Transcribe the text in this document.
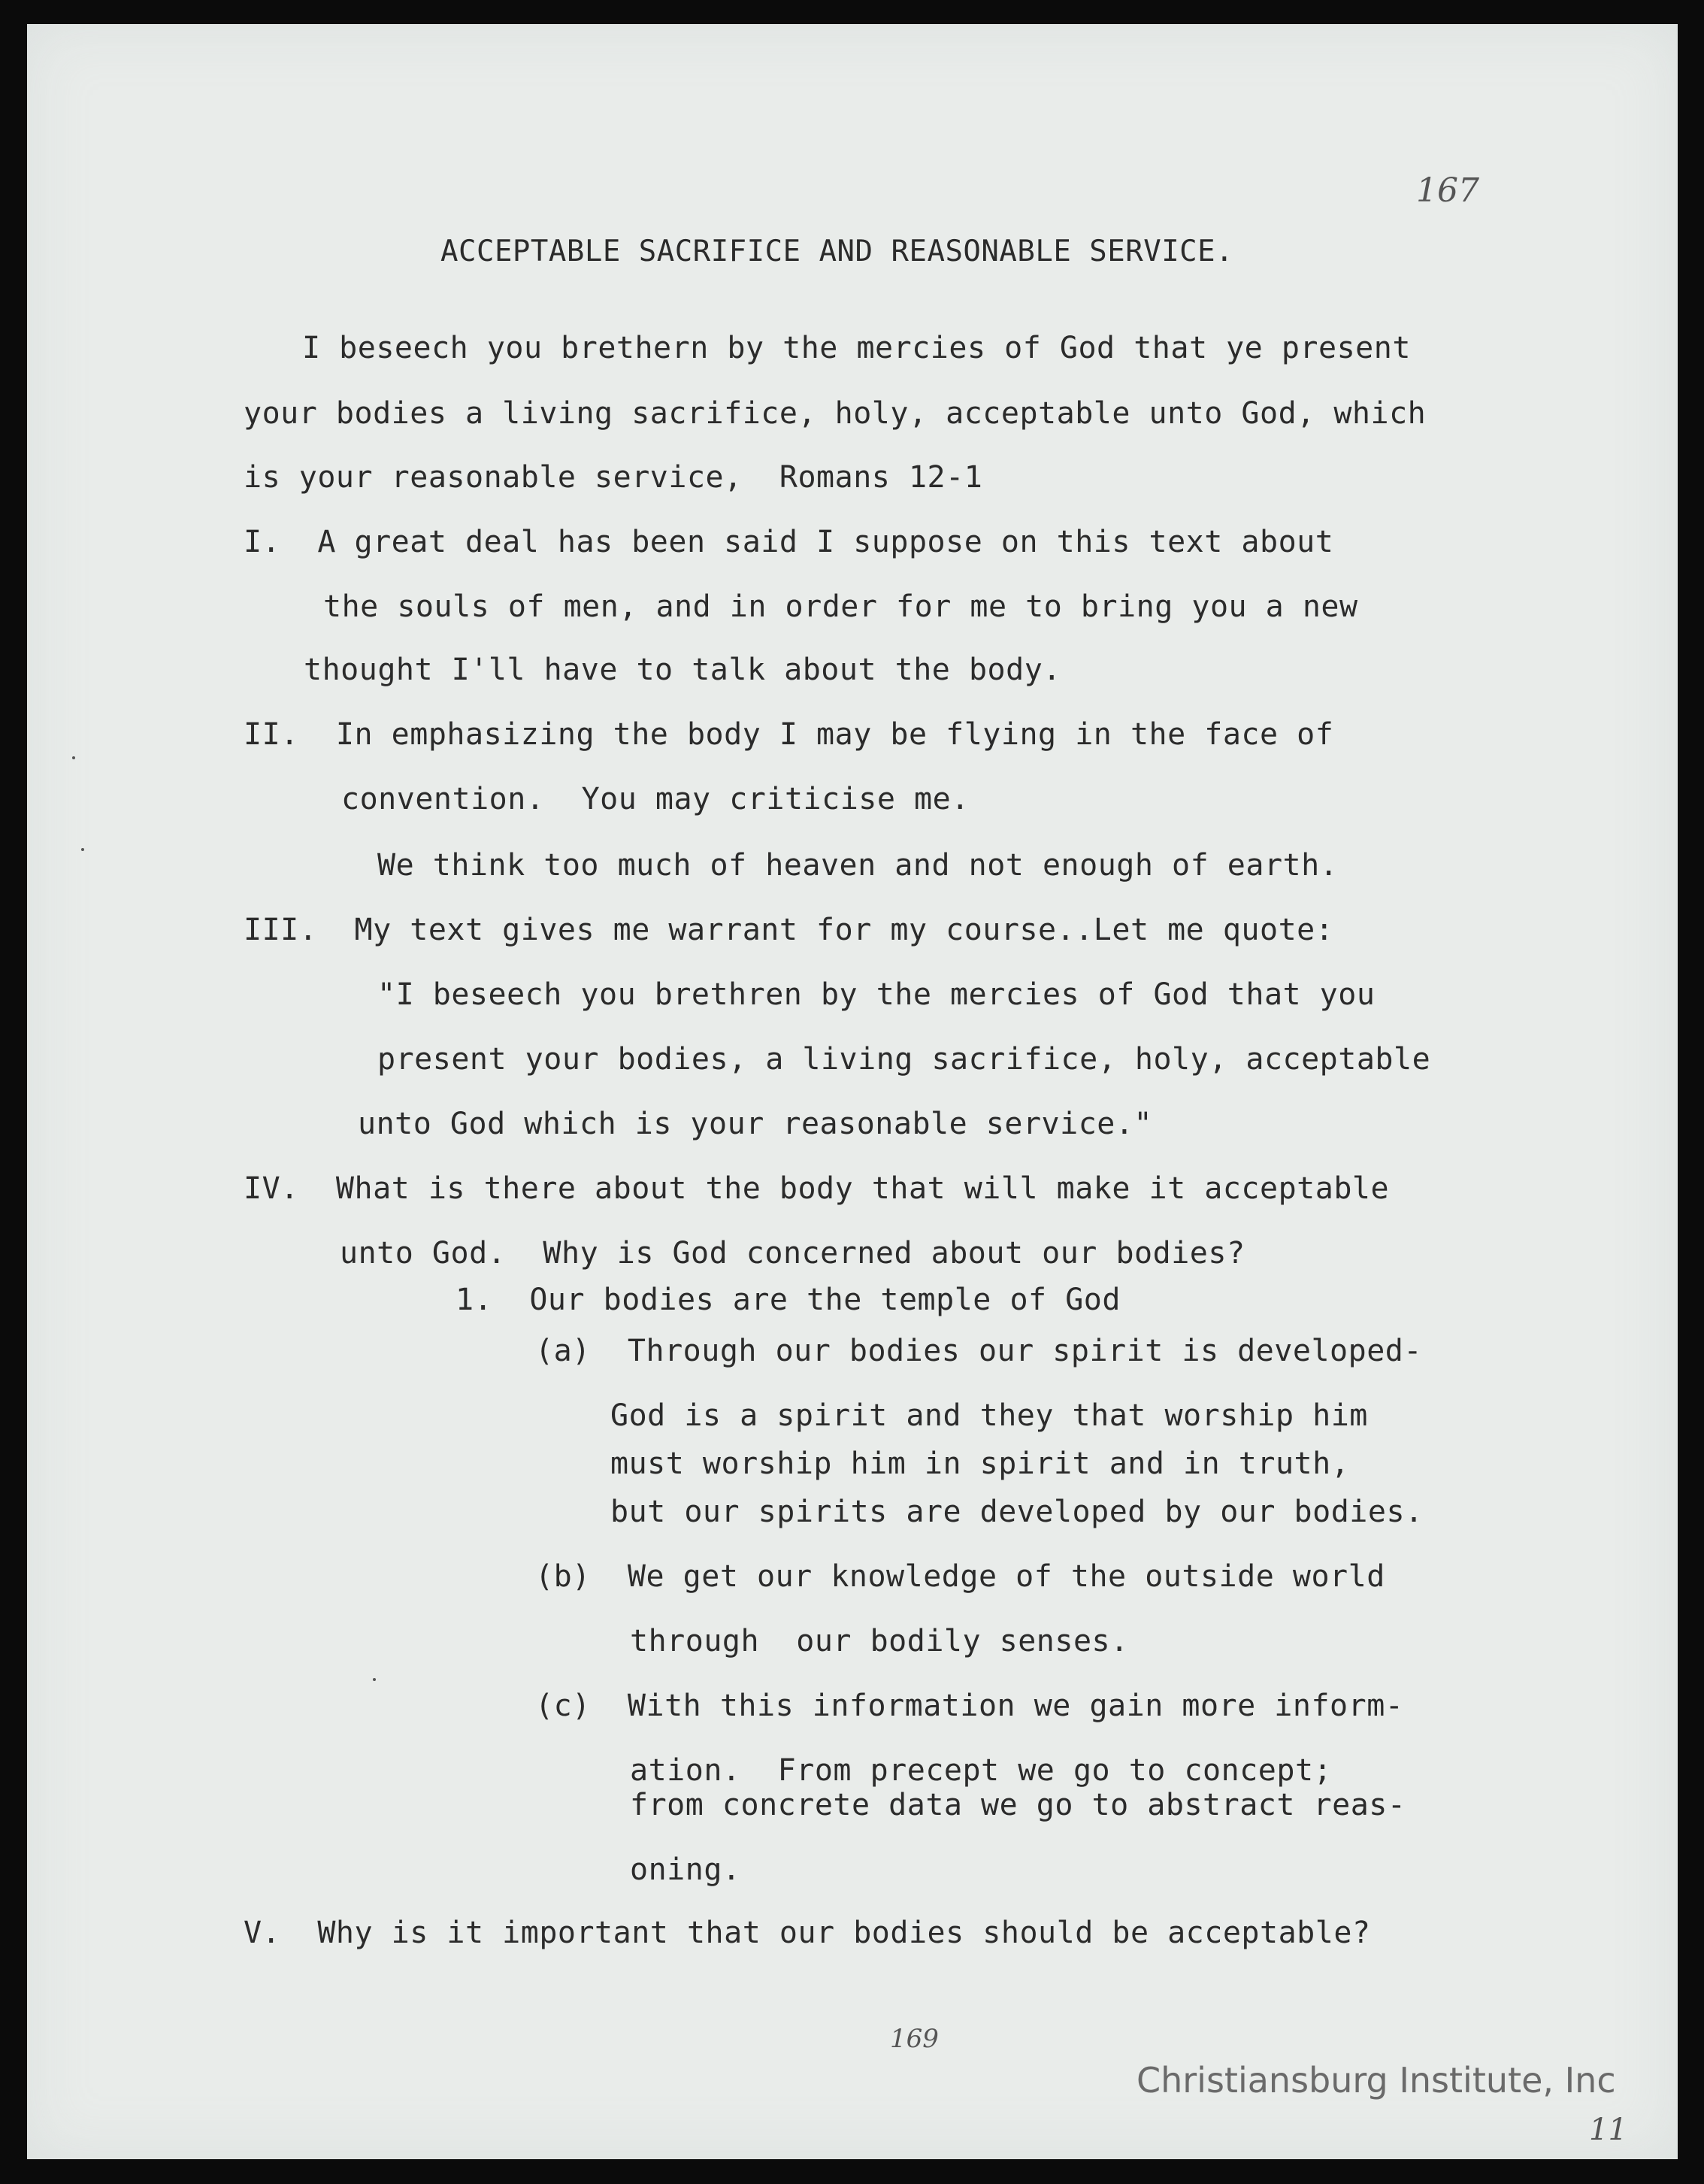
167
ACCEPTABLE SACRIFICE AND REASONABLE SERVICE.
I beseech you brethern by the mercies of God that ye present
your bodies a living sacrifice, holy, acceptable unto God, which
is your reasonable service,  Romans 12-1
I.  A great deal has been said I suppose on this text about
the souls of men, and in order for me to bring you a new
thought I'll have to talk about the body.
II.  In emphasizing the body I may be flying in the face of
convention.  You may criticise me.
We think too much of heaven and not enough of earth.
III.  My text gives me warrant for my course..Let me quote:
"I beseech you brethren by the mercies of God that you
present your bodies, a living sacrifice, holy, acceptable
unto God which is your reasonable service."
IV.  What is there about the body that will make it acceptable
unto God.  Why is God concerned about our bodies?
1.  Our bodies are the temple of God
(a)  Through our bodies our spirit is developed-
God is a spirit and they that worship him
must worship him in spirit and in truth,
but our spirits are developed by our bodies.
(b)  We get our knowledge of the outside world
through  our bodily senses.
(c)  With this information we gain more inform-
ation.  From precept we go to concept;
from concrete data we go to abstract reas-
oning.
V.  Why is it important that our bodies should be acceptable?
169
11
Christiansburg Institute, Inc
